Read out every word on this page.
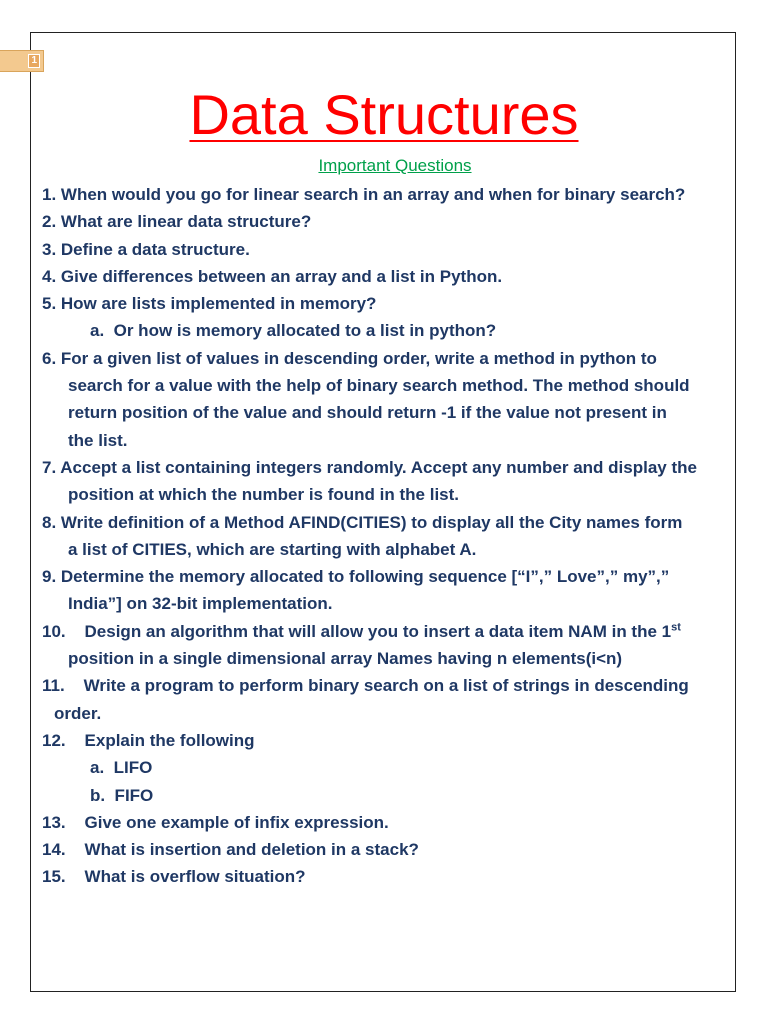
1
Data Structures
Important Questions
1. When would you go for linear search in an array and when for binary search?
2. What are linear data structure?
3. Define a data structure.
4. Give differences between an array and a list in Python.
5. How are lists implemented in memory?
a.  Or how is memory allocated to a list in python?
6. For a given list of values in descending order, write a method in python to
search for a value with the help of binary search method. The method should
return position of the value and should return -1 if the value not present in
the list.
7. Accept a list containing integers randomly. Accept any number and display the
position at which the number is found in the list.
8. Write definition of a Method AFIND(CITIES) to display all the City names form
a list of CITIES, which are starting with alphabet A.
9. Determine the memory allocated to following sequence [“I”,” Love”,” my”,”
India”] on 32-bit implementation.
10.    Design an algorithm that will allow you to insert a data item NAM in the 1st
position in a single dimensional array Names having n elements(i<n)
11.    Write a program to perform binary search on a list of strings in descending
order.
12.    Explain the following
a.  LIFO
b.  FIFO
13.    Give one example of infix expression.
14.    What is insertion and deletion in a stack?
15.    What is overflow situation?
